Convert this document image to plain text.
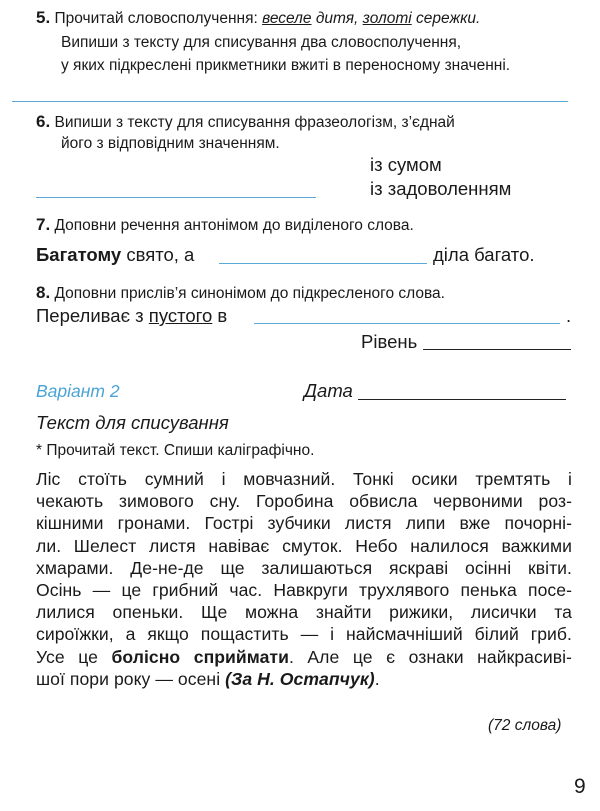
5. Прочитай словосполучення: веселе дитя, золоті сережки.
Випиши з тексту для списування два словосполучення,
у яких підкреслені прикметники вжиті в переносному значенні.
6. Випиши з тексту для списування фразеологізм, з’єднай
його з відповідним значенням.
із сумом
із задоволенням
7. Доповни речення антонімом до виділеного слова.
Багатому свято, а	діла багато.
8. Доповни прислів’я синонімом до підкресленого слова.
Переливає з пустого в	.
Рівень
Варіант 2	Дата
Текст для списування
* Прочитай текст. Спиши каліграфічно.
Ліс стоїть сумний і мовчазний. Тонкі осики тремтять і
чекають зимового сну. Горобина обвисла червоними роз-
кішними гронами. Гострі зубчики листя липи вже почорні-
ли. Шелест листя навіває смуток. Небо налилося важкими
хмарами. Де-не-де ще залишаються яскраві осінні квіти.
Осінь — це грибний час. Навкруги трухлявого пенька посе-
лилися опеньки. Ще можна знайти рижики, лисички та
сироїжки, а якщо пощастить — і найсмачніший білий гриб.
Усе це болісно сприймати. Але це є ознаки найкрасиві-
шої пори року — осені (За Н. Остапчук).
(72 слова)
9
